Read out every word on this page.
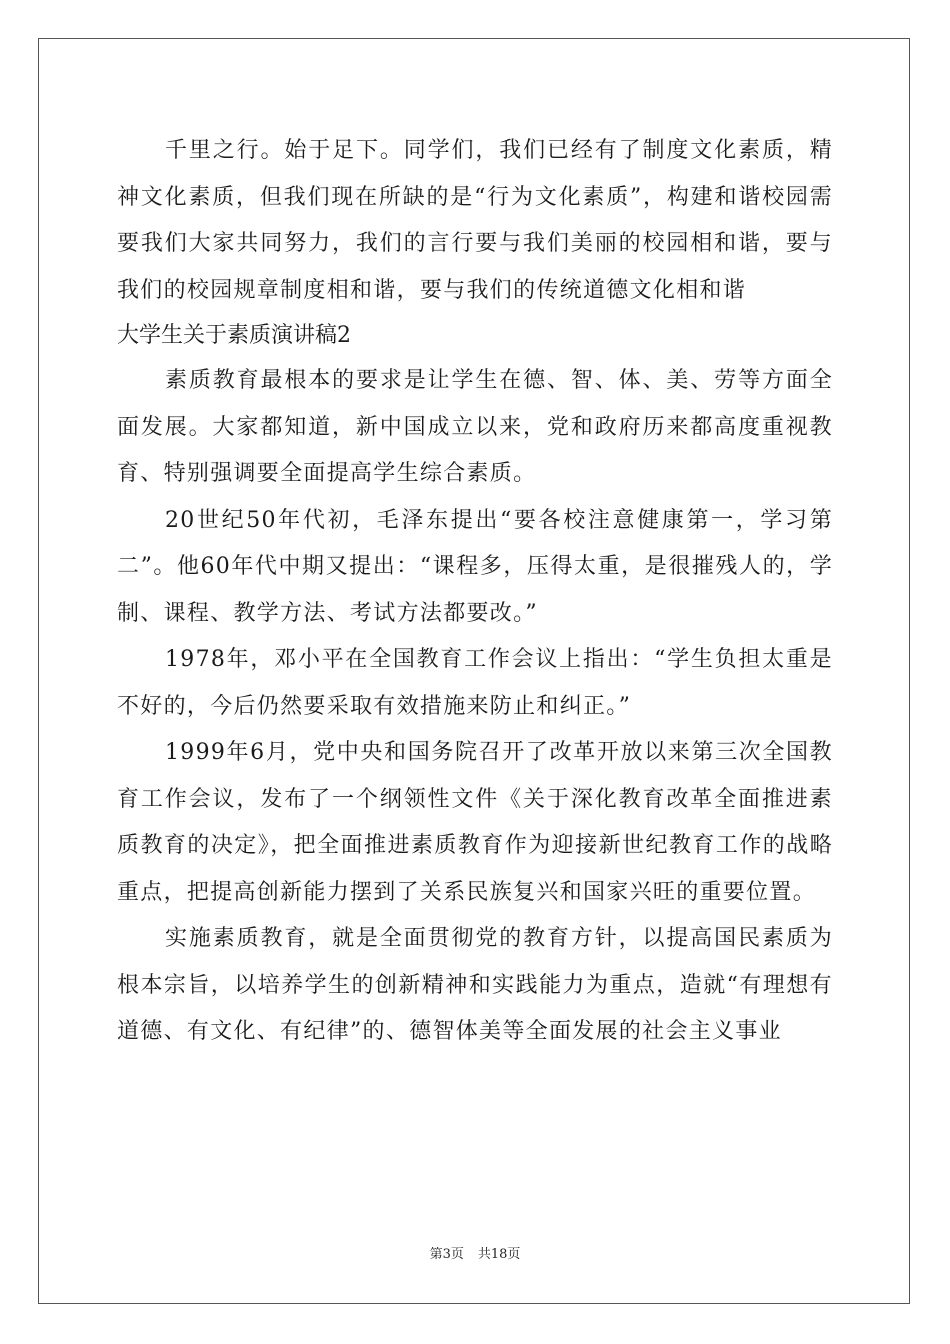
千里之行。始于足下。同学们，我们已经有了制度文化素质，精神文化素质，但我们现在所缺的是“行为文化素质”，构建和谐校园需要我们大家共同努力，我们的言行要与我们美丽的校园相和谐，要与我们的校园规章制度相和谐，要与我们的传统道德文化相和谐

大学生关于素质演讲稿2

素质教育最根本的要求是让学生在德、智、体、美、劳等方面全面发展。大家都知道，新中国成立以来，党和政府历来都高度重视教育、特别强调要全面提高学生综合素质。

20世纪50年代初，毛泽东提出“要各校注意健康第一，学习第二”。他60年代中期又提出：“课程多，压得太重，是很摧残人的，学制、课程、教学方法、考试方法都要改。”

1978年，邓小平在全国教育工作会议上指出：“学生负担太重是不好的，今后仍然要采取有效措施来防止和纠正。”

1999年6月，党中央和国务院召开了改革开放以来第三次全国教育工作会议，发布了一个纲领性文件《关于深化教育改革全面推进素质教育的决定》，把全面推进素质教育作为迎接新世纪教育工作的战略重点，把提高创新能力摆到了关系民族复兴和国家兴旺的重要位置。

实施素质教育，就是全面贯彻党的教育方针，以提高国民素质为根本宗旨，以培养学生的创新精神和实践能力为重点，造就“有理想有道德、有文化、有纪律”的、德智体美等全面发展的社会主义事业

第3页 共18页
